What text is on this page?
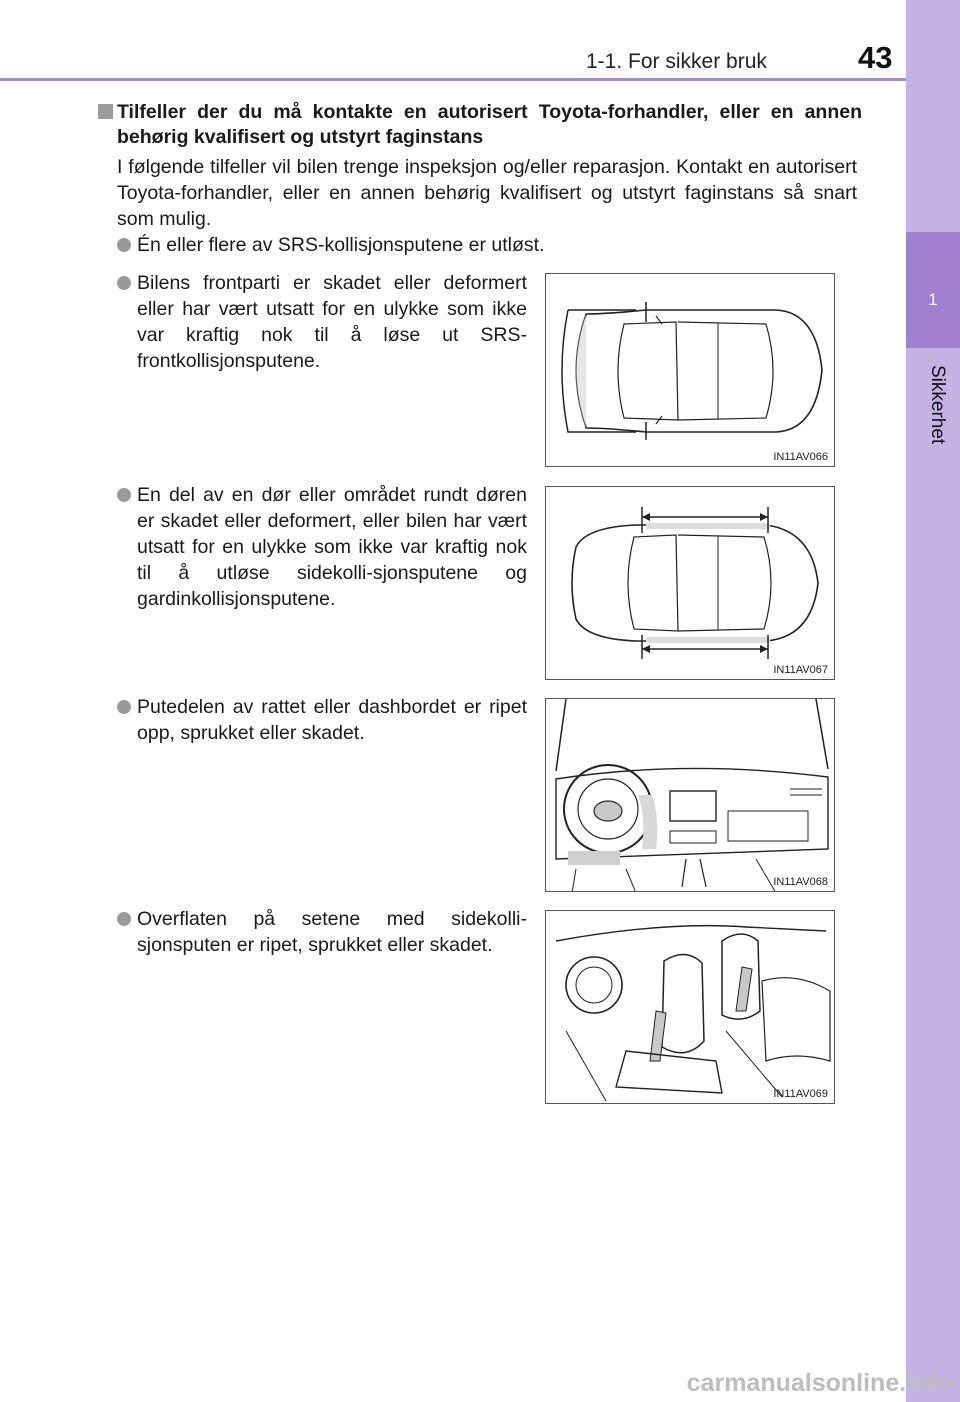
1-1. For sikker bruk	43
1
Sikkerhet

Tilfeller der du må kontakte en autorisert Toyota-forhandler, eller en annen behørig kvalifisert og utstyrt faginstans

I følgende tilfeller vil bilen trenge inspeksjon og/eller reparasjon. Kontakt en autorisert Toyota-forhandler, eller en annen behørig kvalifisert og utstyrt faginstans så snart som mulig.

Én eller flere av SRS-kollisjonsputene er utløst.

Bilens frontparti er skadet eller deformert eller har vært utsatt for en ulykke som ikke var kraftig nok til å løse ut SRS-frontkollisjonsputene.

IN11AV066

En del av en dør eller området rundt døren er skadet eller deformert, eller bilen har vært utsatt for en ulykke som ikke var kraftig nok til å utløse sidekolli-sjonsputene og gardinkollisjonsputene.

IN11AV067

Putedelen av rattet eller dashbordet er ripet opp, sprukket eller skadet.

IN11AV068

Overflaten på setene med sidekolli-sjonsputen er ripet, sprukket eller skadet.

IN11AV069
carmanualsonline.info
